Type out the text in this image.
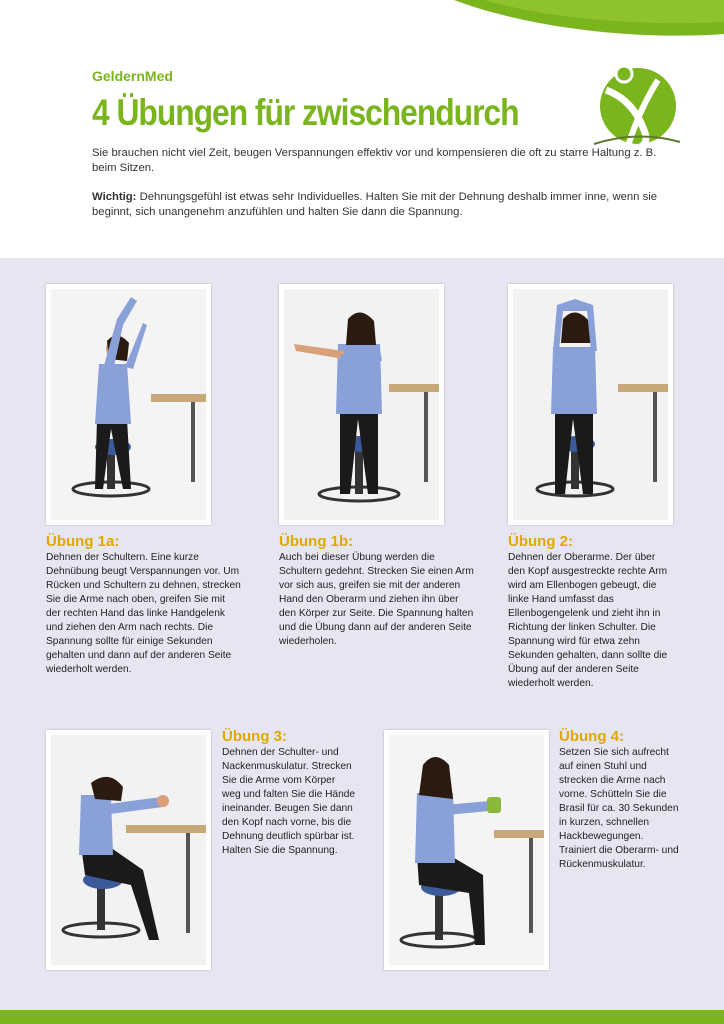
GeldernMed
4 Übungen für zwischendurch

Sie brauchen nicht viel Zeit, beugen Verspannungen effektiv vor und kompensieren die oft zu starre Haltung z. B. beim Sitzen.

Wichtig: Dehnungsgefühl ist etwas sehr Individuelles. Halten Sie mit der Dehnung deshalb immer inne, wenn sie beginnt, sich unangenehm anzufühlen und halten Sie dann die Spannung.

Übung 1a:

Dehnen der Schultern. Eine kurze Dehnübung beugt Verspannungen vor. Um Rücken und Schultern zu dehnen, strecken Sie die Arme nach oben, greifen Sie mit der rechten Hand das linke Handgelenk und ziehen den Arm nach rechts. Die Spannung sollte für einige Sekunden gehalten und dann auf der anderen Seite wiederholt werden.

Übung 1b:

Auch bei dieser Übung werden die Schultern gedehnt. Strecken Sie einen Arm vor sich aus, greifen sie mit der anderen Hand den Oberarm und ziehen ihn über den Körper zur Seite. Die Spannung halten und die Übung dann auf der anderen Seite wiederholen.

Übung 2:

Dehnen der Oberarme. Der über den Kopf ausgestreckte rechte Arm wird am Ellenbogen gebeugt, die linke Hand umfasst das Ellenbogengelenk und zieht ihn in Richtung der linken Schulter. Die Spannung wird für etwa zehn Sekunden gehalten, dann sollte die Übung auf der anderen Seite wiederholt werden.

Übung 3:

Dehnen der Schulter- und Nackenmuskulatur. Strecken Sie die Arme vom Körper weg und falten Sie die Hände ineinander. Beugen Sie dann den Kopf nach vorne, bis die Dehnung deutlich spürbar ist. Halten Sie die Spannung.

Übung 4:

Setzen Sie sich aufrecht auf einen Stuhl und strecken die Arme nach vorne. Schütteln Sie die Brasil für ca. 30 Sekunden in kurzen, schnellen Hackbewegungen. Trainiert die Oberarm- und Rückenmuskulatur.
